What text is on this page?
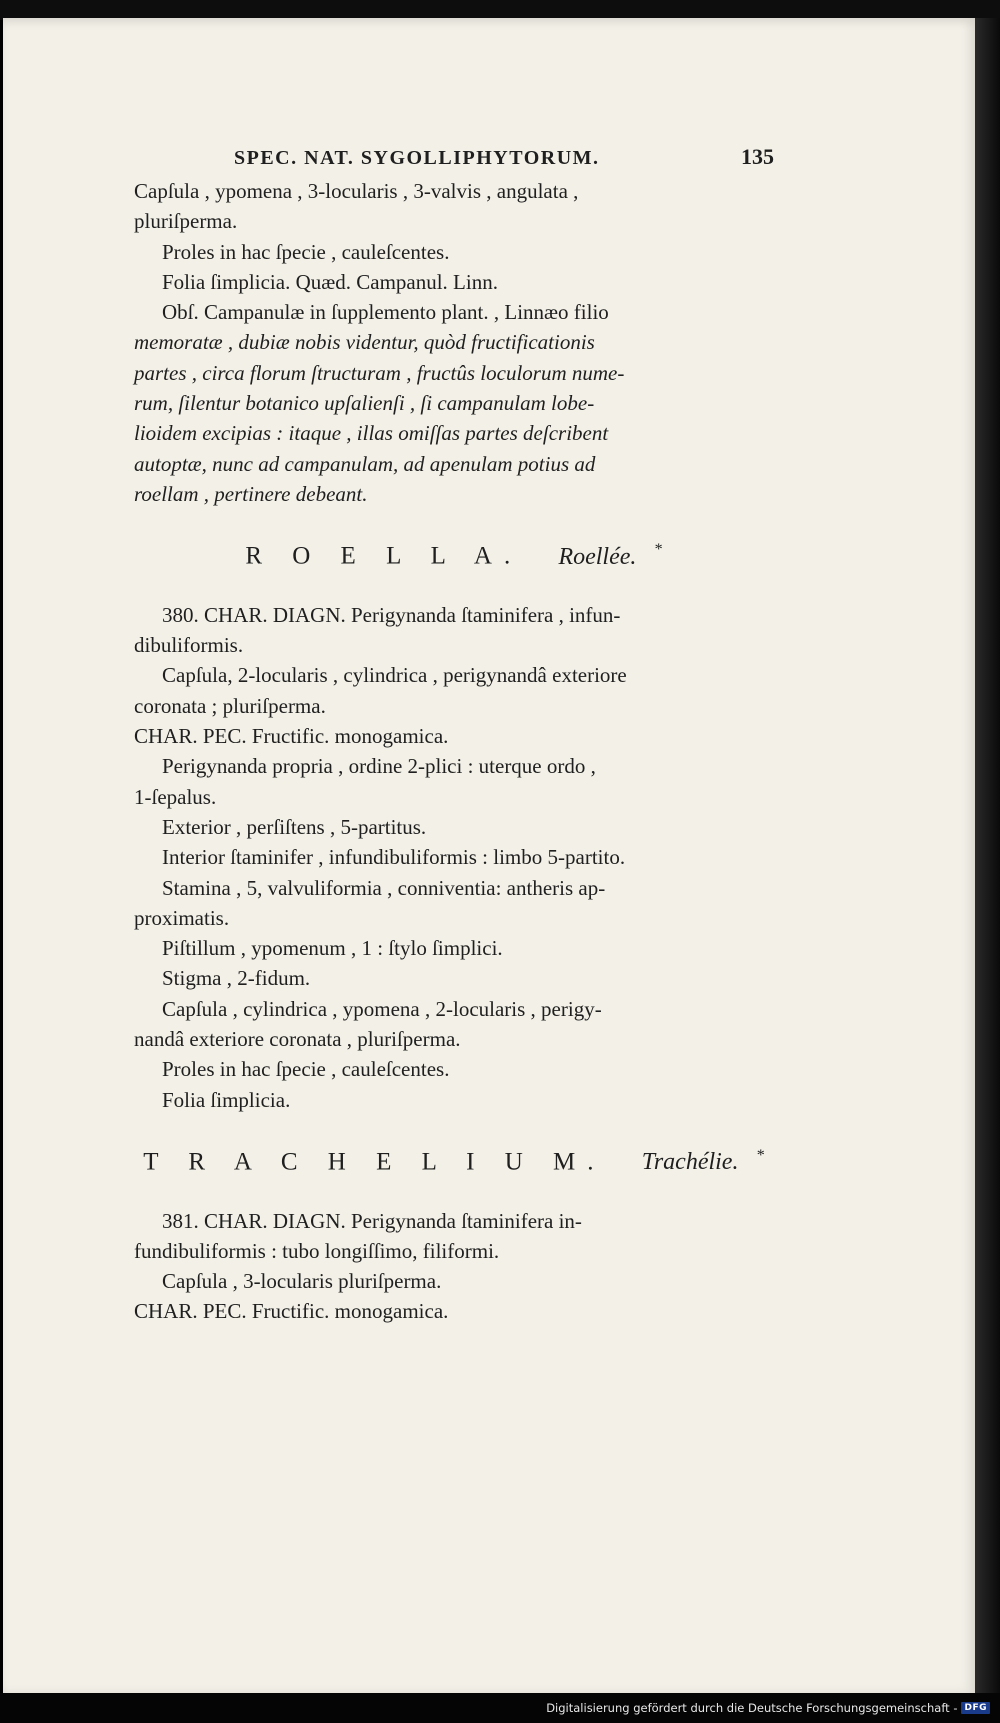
SPEC. NAT. SYGOLLIPHYTORUM.	135
Capſula , ypomena , 3-locularis , 3-valvis , angulata ,
pluriſperma.
Proles in hac ſpecie , cauleſcentes.
Folia ſimplicia. Quæd. Campanul. Linn.
Obſ. Campanulæ in ſupplemento plant. , Linnæo filio
memoratæ , dubiæ nobis videntur, quòd fructificationis
partes , circa florum ſtructuram , fructûs loculorum nume-
rum, ſilentur botanico upſalienſi , ſi campanulam lobe-
lioidem excipias : itaque , illas omiſſas partes deſcribent
autoptæ, nunc ad campanulam, ad apenulam potius ad
roellam , pertinere debeant.
R O E L L A. Roellée. *
380. CHAR. DIAGN. Perigynanda ſtaminifera , infun-
dibuliformis.
Capſula, 2-locularis , cylindrica , perigynandâ exteriore
coronata ; pluriſperma.
CHAR. PEC. Fructific. monogamica.
Perigynanda propria , ordine 2-plici : uterque ordo ,
1-ſepalus.
Exterior , perſiſtens , 5-partitus.
Interior ſtaminifer , infundibuliformis : limbo 5-partito.
Stamina , 5, valvuliformia , conniventia: antheris ap-
proximatis.
Piſtillum , ypomenum , 1 : ſtylo ſimplici.
Stigma , 2-fidum.
Capſula , cylindrica , ypomena , 2-locularis , perigy-
nandâ exteriore coronata , pluriſperma.
Proles in hac ſpecie , cauleſcentes.
Folia ſimplicia.
T R A C H E L I U M. Trachélie. *
381. CHAR. DIAGN. Perigynanda ſtaminifera in-
fundibuliformis : tubo longiſſimo, filiformi.
Capſula , 3-locularis pluriſperma.
CHAR. PEC. Fructific. monogamica.
Digitalisierung gefördert durch die Deutsche Forschungsgemeinschaft - DFG
